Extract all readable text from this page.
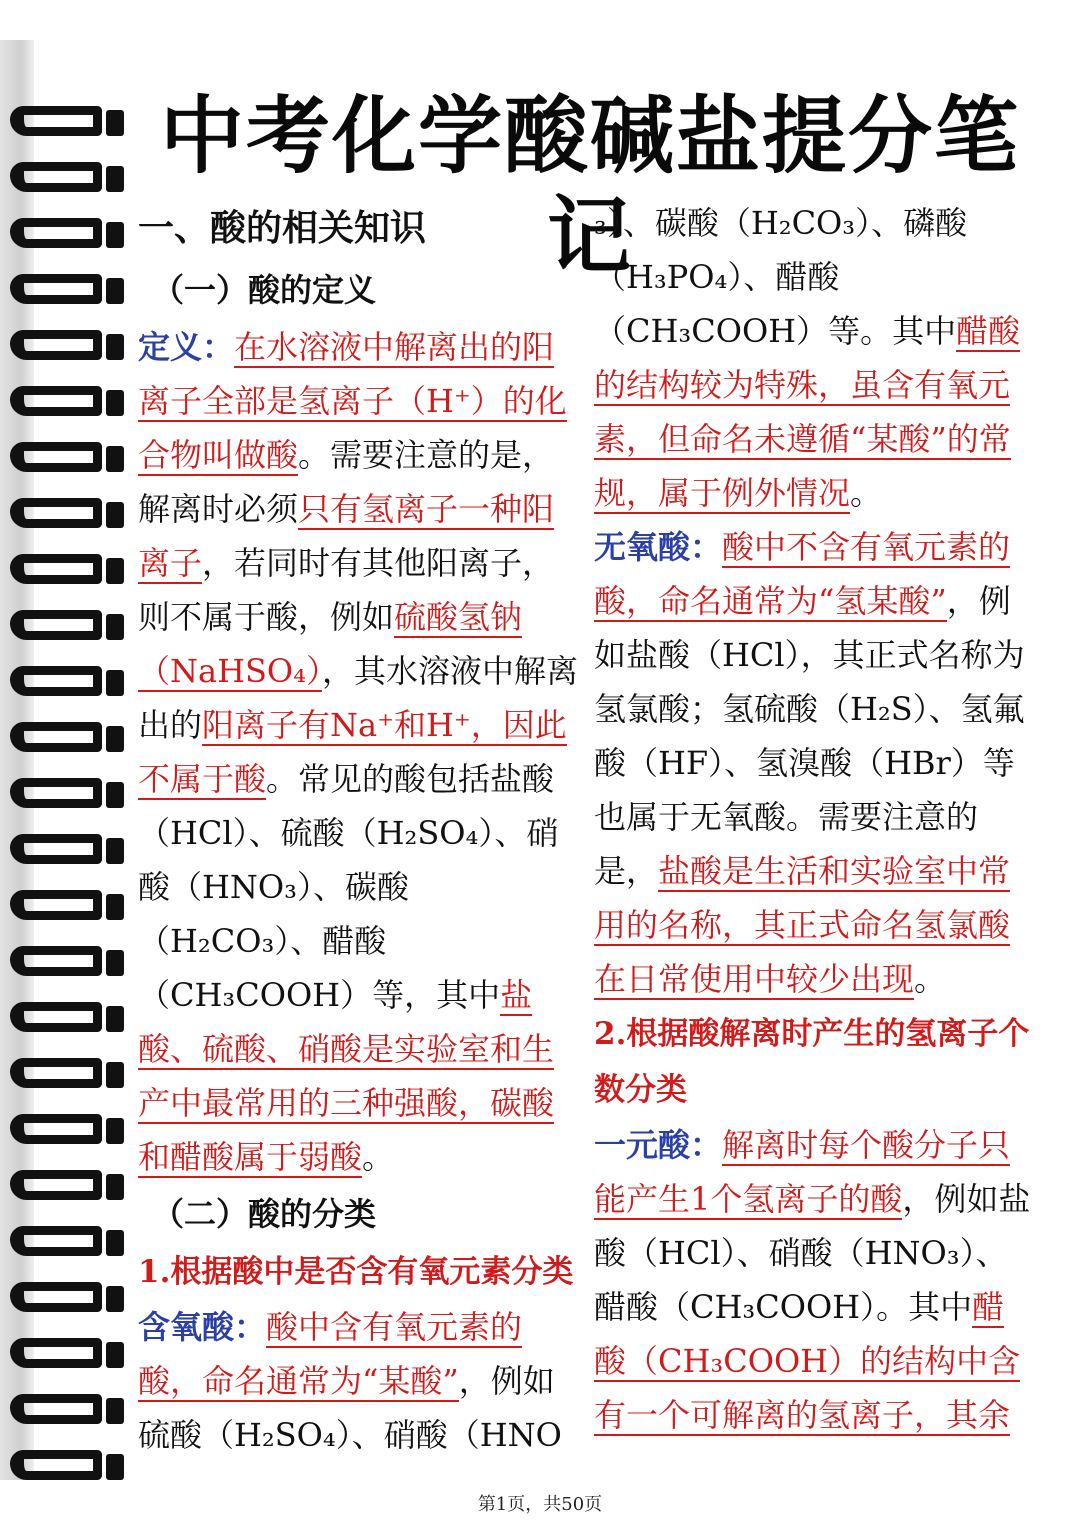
中考化学酸碱盐提分笔记
一、酸的相关知识
（一）酸的定义

定义：在水溶液中解离出的阳离子全部是氢离子（H⁺）的化合物叫做酸。需要注意的是，解离时必须只有氢离子一种阳离子，若同时有其他阳离子，则不属于酸，例如硫酸氢钠（NaHSO₄），其水溶液中解离出的阳离子有Na⁺和H⁺，因此不属于酸。常见的酸包括盐酸（HCl）、硫酸（H₂SO₄）、硝酸（HNO₃）、碳酸（H₂CO₃）、醋酸（CH₃COOH）等，其中盐酸、硫酸、硝酸是实验室和生产中最常用的三种强酸，碳酸和醋酸属于弱酸。

（二）酸的分类
1.根据酸中是否含有氧元素分类

含氧酸：酸中含有氧元素的酸，命名通常为“某酸”，例如硫酸（H₂SO₄）、硝酸（HNO

₃）、碳酸（H₂CO₃）、磷酸（H₃PO₄）、醋酸（CH₃COOH）等。其中醋酸的结构较为特殊，虽含有氧元素，但命名未遵循“某酸”的常规，属于例外情况。

无氧酸：酸中不含有氧元素的酸，命名通常为“氢某酸”，例如盐酸（HCl），其正式名称为氢氯酸；氢硫酸（H₂S）、氢氟酸（HF）、氢溴酸（HBr）等也属于无氧酸。需要注意的是，盐酸是生活和实验室中常用的名称，其正式命名氢氯酸在日常使用中较少出现。

2.根据酸解离时产生的氢离子个数分类

一元酸：解离时每个酸分子只能产生1个氢离子的酸，例如盐酸（HCl）、硝酸（HNO₃）、醋酸（CH₃COOH）。其中醋酸（CH₃COOH）的结构中含有一个可解离的氢离子，其余

第1页，共50页
